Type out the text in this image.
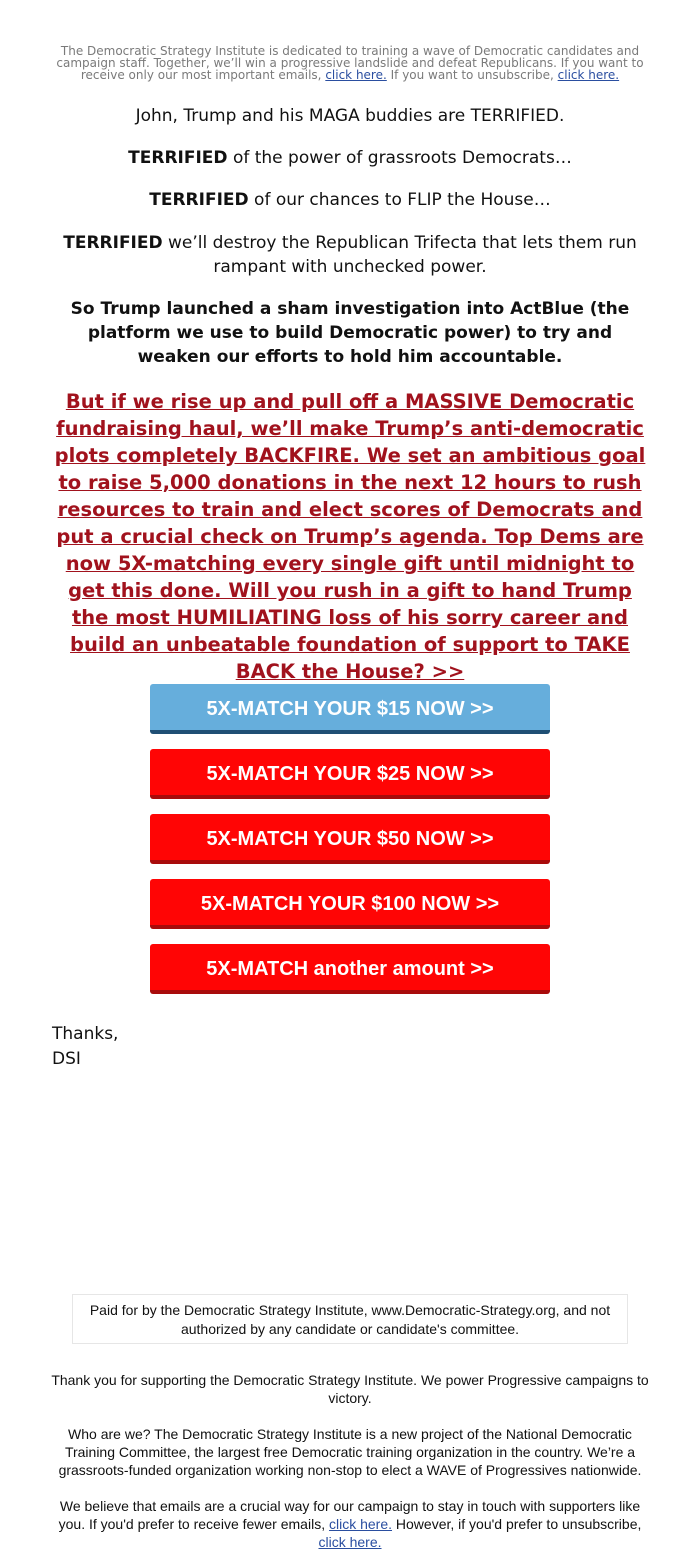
The Democratic Strategy Institute is dedicated to training a wave of Democratic candidates and campaign staff. Together, we’ll win a progressive landslide and defeat Republicans. If you want to receive only our most important emails, click here. If you want to unsubscribe, click here.
John, Trump and his MAGA buddies are TERRIFIED.
TERRIFIED of the power of grassroots Democrats…
TERRIFIED of our chances to FLIP the House…
TERRIFIED we’ll destroy the Republican Trifecta that lets them run rampant with unchecked power.
So Trump launched a sham investigation into ActBlue (the platform we use to build Democratic power) to try and weaken our efforts to hold him accountable.
But if we rise up and pull off a MASSIVE Democratic fundraising haul, we’ll make Trump’s anti-democratic plots completely BACKFIRE. We set an ambitious goal to raise 5,000 donations in the next 12 hours to rush resources to train and elect scores of Democrats and put a crucial check on Trump’s agenda. Top Dems are now 5X-matching every single gift until midnight to get this done. Will you rush in a gift to hand Trump the most HUMILIATING loss of his sorry career and build an unbeatable foundation of support to TAKE BACK the House? >>
5X-MATCH YOUR $15 NOW >>
5X-MATCH YOUR $25 NOW >>
5X-MATCH YOUR $50 NOW >>
5X-MATCH YOUR $100 NOW >>
5X-MATCH another amount >>
Thanks,
DSI
Paid for by the Democratic Strategy Institute, www.Democratic-Strategy.org, and not authorized by any candidate or candidate's committee.
Thank you for supporting the Democratic Strategy Institute. We power Progressive campaigns to victory.
Who are we? The Democratic Strategy Institute is a new project of the National Democratic Training Committee, the largest free Democratic training organization in the country. We’re a grassroots-funded organization working non-stop to elect a WAVE of Progressives nationwide.
We believe that emails are a crucial way for our campaign to stay in touch with supporters like you. If you'd prefer to receive fewer emails, click here. However, if you'd prefer to unsubscribe, click here.
